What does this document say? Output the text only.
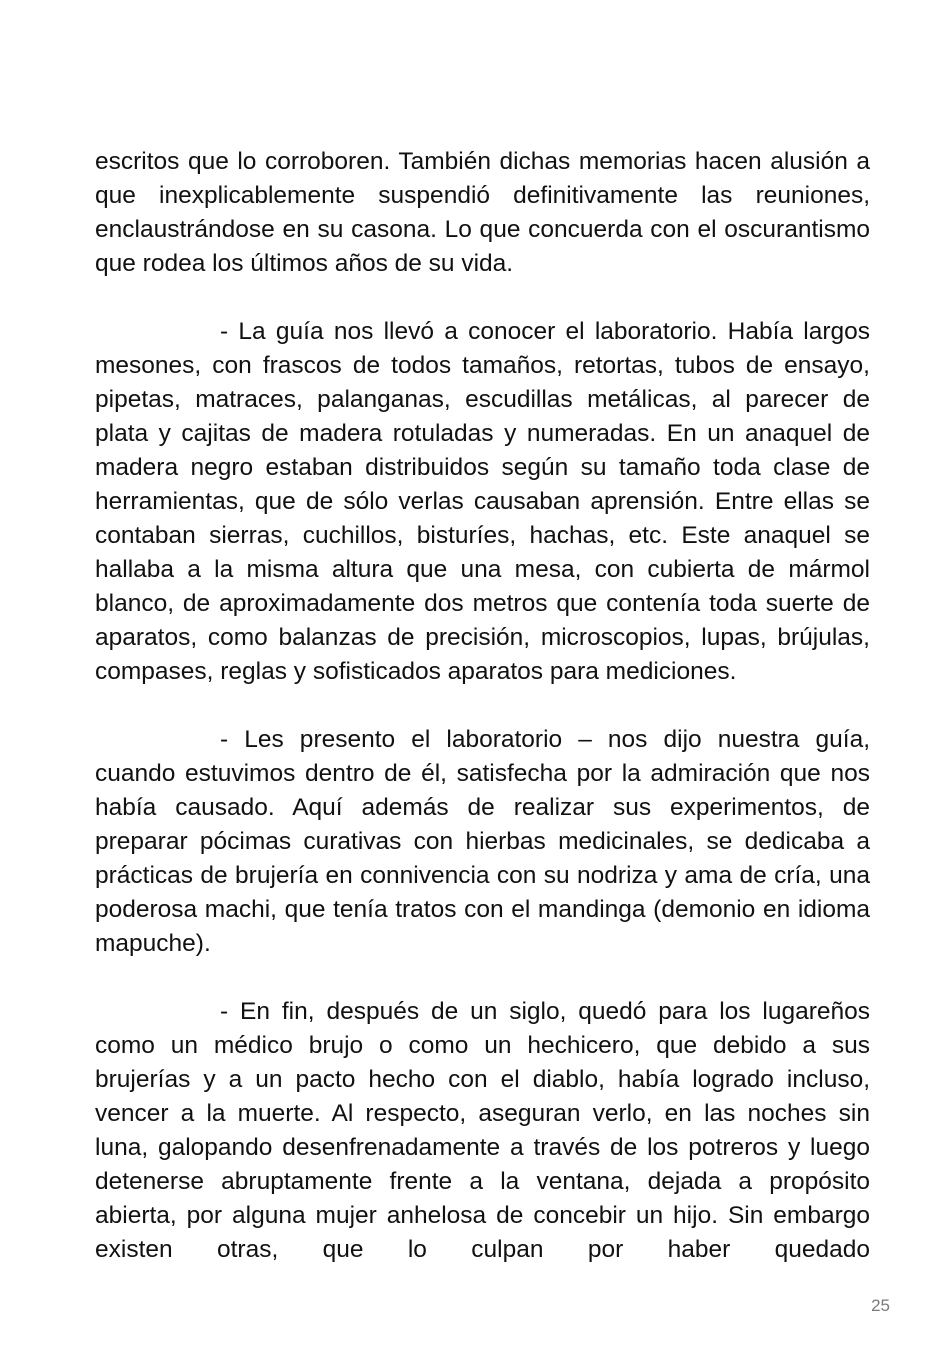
escritos que lo corroboren. También dichas memorias hacen alusión a que inexplicablemente suspendió definitivamente las reuniones, enclaustrándose en su casona. Lo que concuerda con el oscurantismo que rodea los últimos años de su vida.

- La guía nos llevó a conocer el laboratorio. Había largos mesones, con frascos de todos tamaños, retortas, tubos de ensayo, pipetas, matraces, palanganas, escudillas metálicas, al parecer de plata y cajitas de madera rotuladas y numeradas. En un anaquel de madera negro estaban distribuidos según su tamaño toda clase de herramientas, que de sólo verlas causaban aprensión. Entre ellas se contaban sierras, cuchillos, bisturíes, hachas, etc. Este anaquel se hallaba a la misma altura que una mesa, con cubierta de mármol blanco, de aproximadamente dos metros que contenía toda suerte de aparatos, como balanzas de precisión, microscopios, lupas, brújulas, compases, reglas y sofisticados aparatos para mediciones.

- Les presento el laboratorio – nos dijo nuestra guía, cuando estuvimos dentro de él, satisfecha por la admiración que nos había causado. Aquí además de realizar sus experimentos, de preparar pócimas curativas con hierbas medicinales, se dedicaba a prácticas de brujería en connivencia con su nodriza y ama de cría, una poderosa machi, que tenía tratos con el mandinga (demonio en idioma mapuche).

- En fin, después de un siglo, quedó para los lugareños como un médico brujo o como un hechicero, que debido a sus brujerías y a un pacto hecho con el diablo, había logrado incluso, vencer a la muerte. Al respecto, aseguran verlo, en las noches sin luna, galopando desenfrenadamente a través de los potreros y luego detenerse abruptamente frente a la ventana, dejada a propósito abierta, por alguna mujer anhelosa de concebir un hijo. Sin embargo existen otras, que lo culpan por haber quedado

25
